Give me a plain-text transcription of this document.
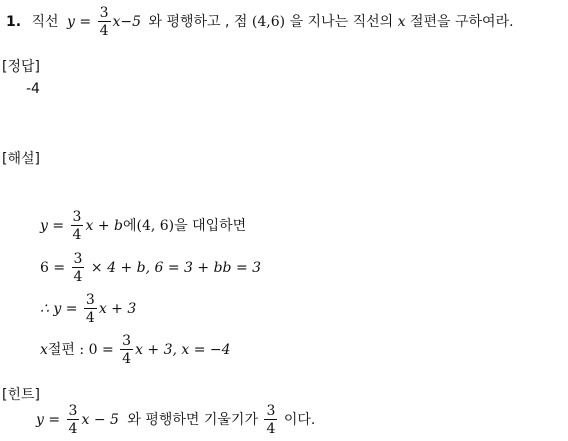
1. 직선 $y = \frac{3}{4} x-5$ 와 평행하고 , 점 (4,6) 을 지나는 직선의 x 절편을 구하여라.
[정답]
-4
[해설]
$y = \frac{3}{4}$ x + b에(4, 6)을 대입하면
$6 = \frac{3}{4} \times 4 + b$, 6 = 3 + bb = 3
∴ $y = \frac{3}{4}$ x + 3
x절편 : $0 = \frac{3}{4}$ x + 3, x = −4
[힌트]
$y = \frac{3}{4}$ x − 5 와 평행하면 기울기가 $\frac{3}{4}$ 이다.
